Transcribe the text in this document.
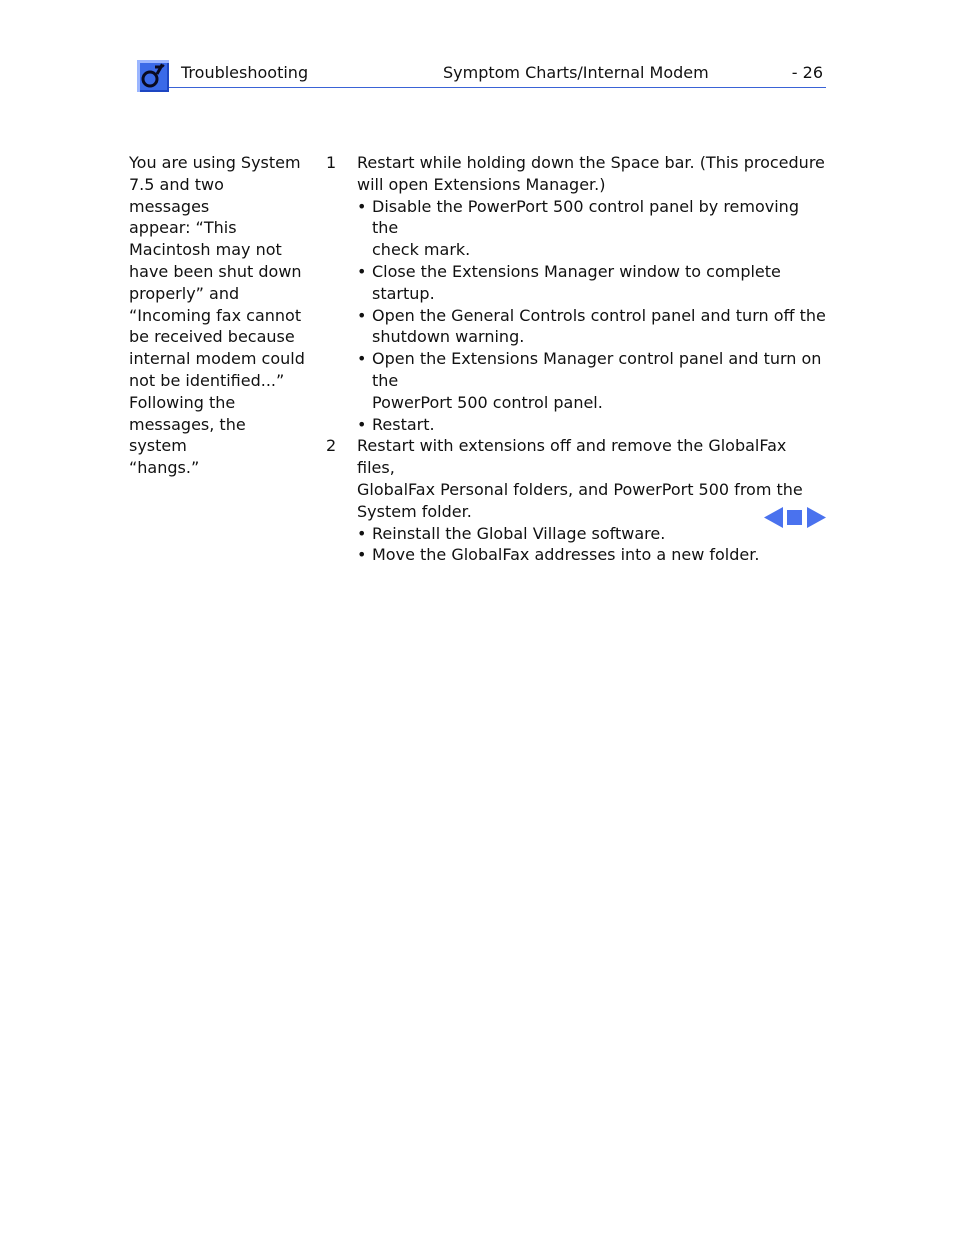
Troubleshooting	Symptom Charts/Internal Modem	- 26
You are using System
7.5 and two messages
appear: “This
Macintosh may not
have been shut down
properly” and
“Incoming fax cannot
be received because
internal modem could
not be identified...”
Following the
messages, the system
“hangs.”
1 Restart while holding down the Space bar. (This procedure
will open Extensions Manager.)
• Disable the PowerPort 500 control panel by removing the
check mark.
• Close the Extensions Manager window to complete startup.
• Open the General Controls control panel and turn off the
shutdown warning.
• Open the Extensions Manager control panel and turn on the
PowerPort 500 control panel.
• Restart.
2 Restart with extensions off and remove the GlobalFax files,
GlobalFax Personal folders, and PowerPort 500 from the
System folder.
• Reinstall the Global Village software.
• Move the GlobalFax addresses into a new folder.
